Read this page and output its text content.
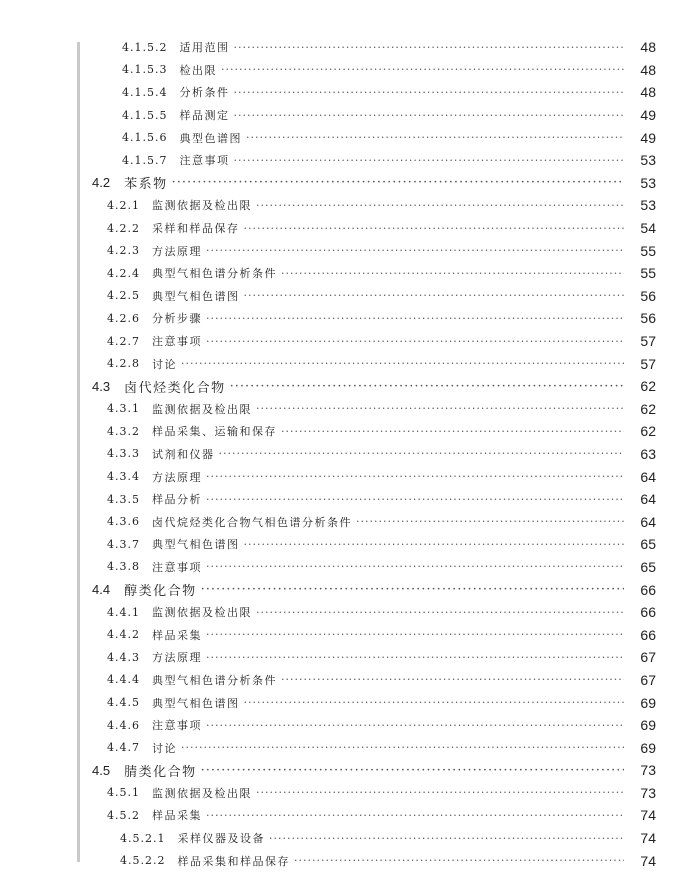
4.1.5.2 适用范围 ·····	48
4.1.5.3 检出限 ·····	48
4.1.5.4 分析条件 ·····	48
4.1.5.5 样品测定 ·····	49
4.1.5.6 典型色谱图 ·····	49
4.1.5.7 注意事项 ·····	53
4.2 苯系物 ·····	53
4.2.1 监测依据及检出限 ·····	53
4.2.2 采样和样品保存 ·····	54
4.2.3 方法原理 ·····	55
4.2.4 典型气相色谱分析条件 ·····	55
4.2.5 典型气相色谱图 ·····	56
4.2.6 分析步骤 ·····	56
4.2.7 注意事项 ·····	57
4.2.8 讨论 ·····	57
4.3 卤代烃类化合物 ·····	62
4.3.1 监测依据及检出限 ·····	62
4.3.2 样品采集、运输和保存 ·····	62
4.3.3 试剂和仪器 ·····	63
4.3.4 方法原理 ·····	64
4.3.5 样品分析 ·····	64
4.3.6 卤代烷烃类化合物气相色谱分析条件 ·····	64
4.3.7 典型气相色谱图 ·····	65
4.3.8 注意事项 ·····	65
4.4 醇类化合物 ·····	66
4.4.1 监测依据及检出限 ·····	66
4.4.2 样品采集 ·····	66
4.4.3 方法原理 ·····	67
4.4.4 典型气相色谱分析条件 ·····	67
4.4.5 典型气相色谱图 ·····	69
4.4.6 注意事项 ·····	69
4.4.7 讨论 ·····	69
4.5 腈类化合物 ·····	73
4.5.1 监测依据及检出限 ·····	73
4.5.2 样品采集 ·····	74
4.5.2.1 采样仪器及设备 ·····	74
4.5.2.2 样品采集和样品保存 ·····	74
